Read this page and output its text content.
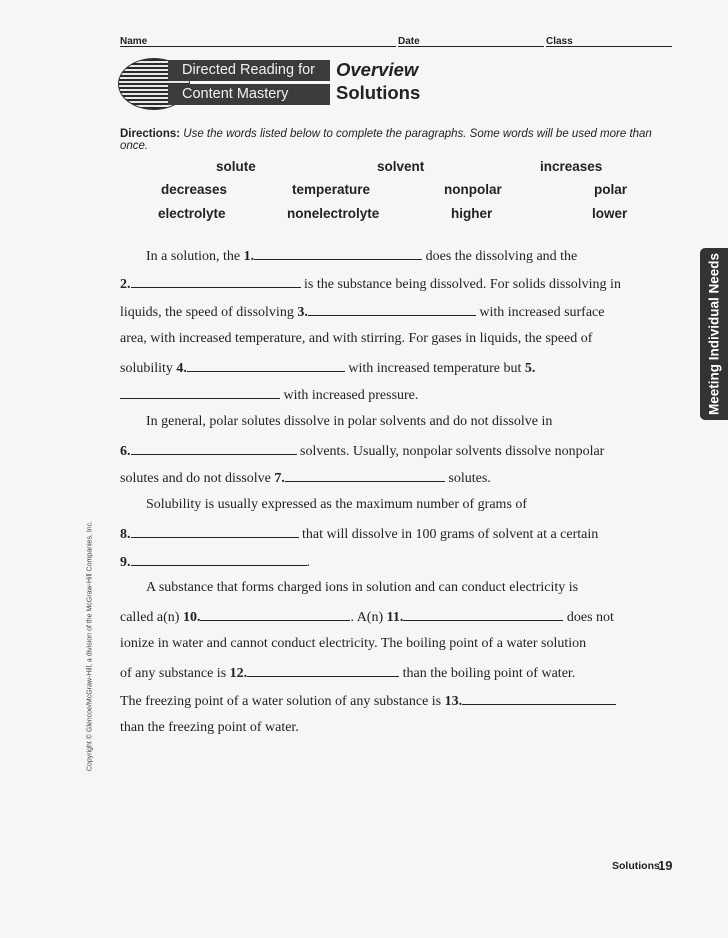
Name	Date	Class
Directed Reading for
Content Mastery
Overview
Solutions
Directions: Use the words listed below to complete the paragraphs. Some words will be used more than once.
solute	solvent	increases
decreases	temperature	nonpolar	polar
electrolyte	nonelectrolyte	higher	lower
In a solution, the 1.	does the dissolving and the
2.	is the substance being dissolved. For solids dissolving in
liquids, the speed of dissolving 3.	with increased surface
area, with increased temperature, and with stirring. For gases in liquids, the speed of
solubility 4.	with increased temperature but 5.
with increased pressure.
In general, polar solutes dissolve in polar solvents and do not dissolve in
6.	solvents. Usually, nonpolar solvents dissolve nonpolar
solutes and do not dissolve 7.	solutes.
Solubility is usually expressed as the maximum number of grams of
8.	that will dissolve in 100 grams of solvent at a certain
9.	.
A substance that forms charged ions in solution and can conduct electricity is
called a(n) 10.	. A(n) 11.	does not
ionize in water and cannot conduct electricity. The boiling point of a water solution
of any substance is 12.	than the boiling point of water.
The freezing point of a water solution of any substance is 13.
than the freezing point of water.
Meeting Individual Needs
Copyright © Glencoe/McGraw-Hill, a division of the McGraw-Hill Companies, Inc.
Solutions
19
